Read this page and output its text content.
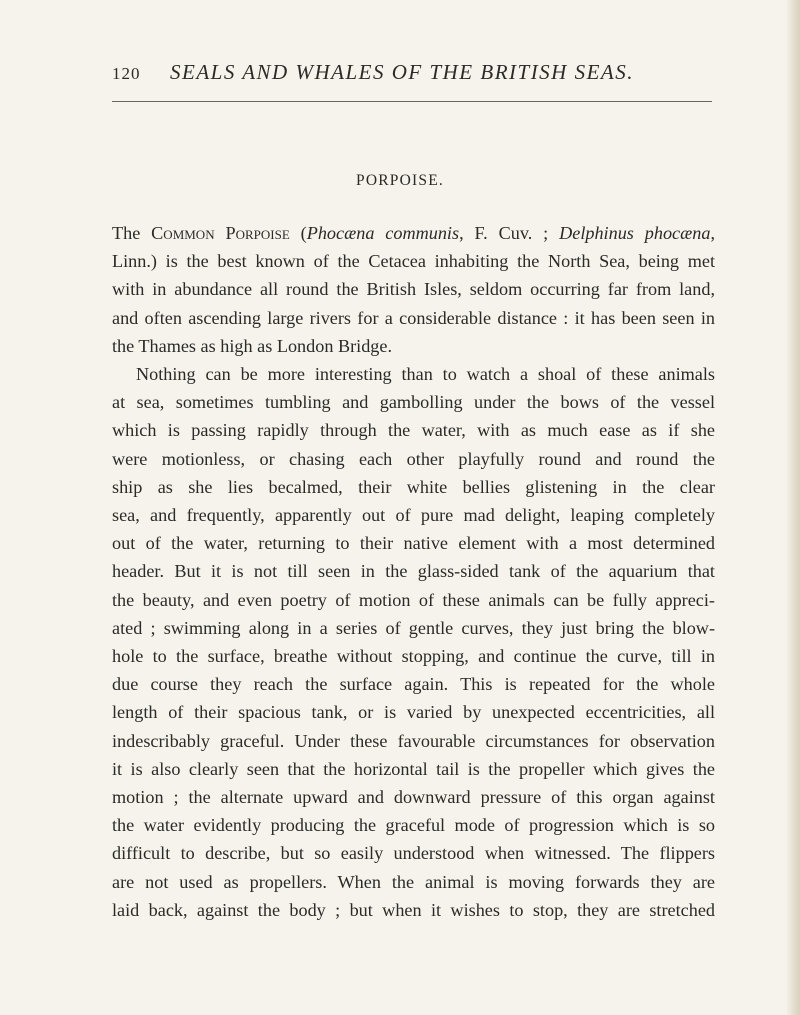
120 SEALS AND WHALES OF THE BRITISH SEAS.
PORPOISE.
The Common Porpoise (Phocæna communis, F. Cuv. ; Delphinus phocæna,
Linn.) is the best known of the Cetacea inhabiting the North Sea, being met
with in abundance all round the British Isles, seldom occurring far from land,
and often ascending large rivers for a considerable distance : it has been seen in
the Thames as high as London Bridge.
Nothing can be more interesting than to watch a shoal of these animals
at sea, sometimes tumbling and gambolling under the bows of the vessel
which is passing rapidly through the water, with as much ease as if she
were motionless, or chasing each other playfully round and round the
ship as she lies becalmed, their white bellies glistening in the clear
sea, and frequently, apparently out of pure mad delight, leaping completely
out of the water, returning to their native element with a most determined
header. But it is not till seen in the glass-sided tank of the aquarium that
the beauty, and even poetry of motion of these animals can be fully appreci-
ated ; swimming along in a series of gentle curves, they just bring the blow-
hole to the surface, breathe without stopping, and continue the curve, till in
due course they reach the surface again. This is repeated for the whole
length of their spacious tank, or is varied by unexpected eccentricities, all
indescribably graceful. Under these favourable circumstances for observation
it is also clearly seen that the horizontal tail is the propeller which gives the
motion ; the alternate upward and downward pressure of this organ against
the water evidently producing the graceful mode of progression which is so
difficult to describe, but so easily understood when witnessed. The flippers
are not used as propellers. When the animal is moving forwards they are
laid back, against the body ; but when it wishes to stop, they are stretched
